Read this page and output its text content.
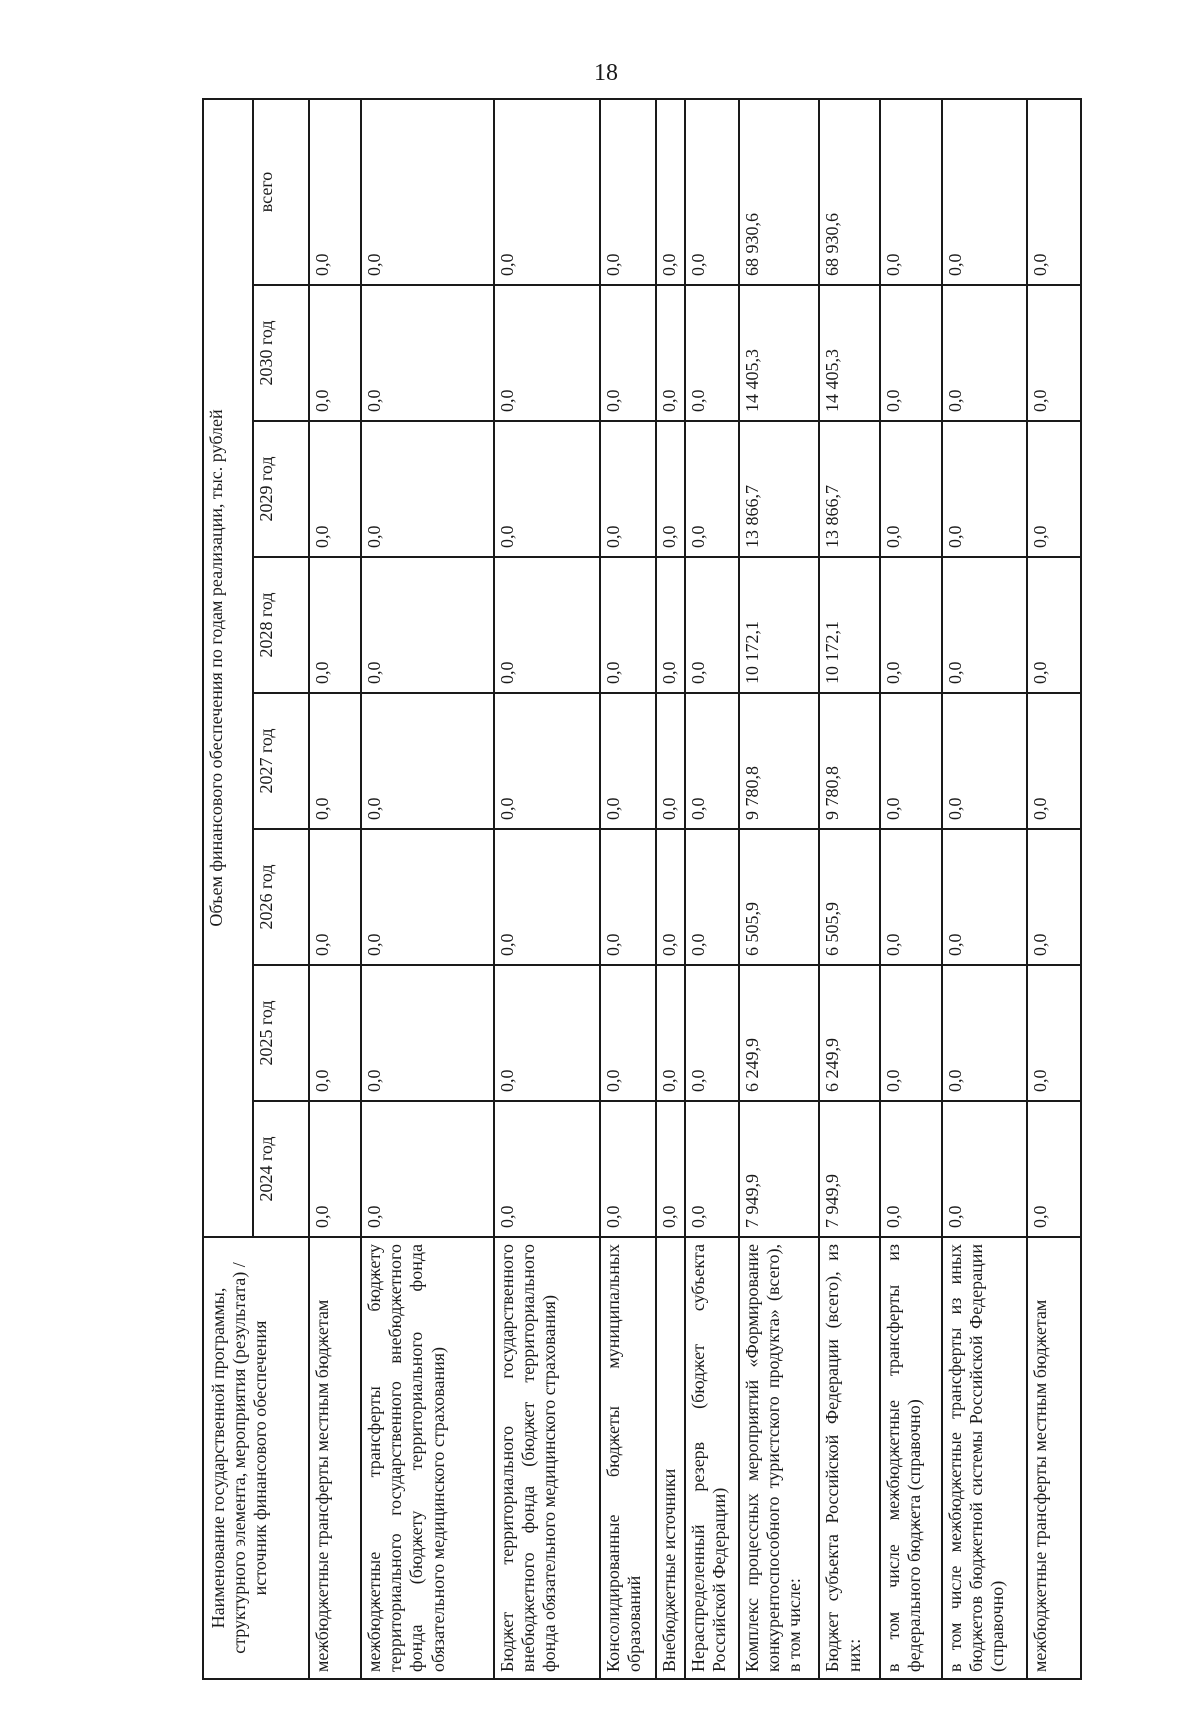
18
Наименование государственной программы, структурного элемента, мероприятия (результата) / источник финансового обеспечения	Объем финансового обеспечения по годам реализации, тыс. рублей							
	2024 год	2025 год	2026 год	2027 год	2028 год	2029 год	2030 год	всего
межбюджетные трансферты местным бюджетам	0,0	0,0	0,0	0,0	0,0	0,0	0,0	0,0
межбюджетные трансферты бюджету территориального государственного внебюджетного фонда (бюджету территориального фонда обязательного медицинского страхования)	0,0	0,0	0,0	0,0	0,0	0,0	0,0	0,0
Бюджет территориального государственного внебюджетного фонда (бюджет территориального фонда обязательного медицинского страхования)	0,0	0,0	0,0	0,0	0,0	0,0	0,0	0,0
Консолидированные бюджеты муниципальных образований	0,0	0,0	0,0	0,0	0,0	0,0	0,0	0,0
Внебюджетные источники	0,0	0,0	0,0	0,0	0,0	0,0	0,0	0,0
Нераспределенный резерв (бюджет субъекта Российской Федерации)	0,0	0,0	0,0	0,0	0,0	0,0	0,0	0,0
Комплекс процессных мероприятий «Формирование конкурентоспособного туристского продукта» (всего), в том числе:	7 949,9	6 249,9	6 505,9	9 780,8	10 172,1	13 866,7	14 405,3	68 930,6
Бюджет субъекта Российской Федерации (всего), из них:	7 949,9	6 249,9	6 505,9	9 780,8	10 172,1	13 866,7	14 405,3	68 930,6
в том числе межбюджетные трансферты из федерального бюджета (справочно)	0,0	0,0	0,0	0,0	0,0	0,0	0,0	0,0
в том числе межбюджетные трансферты из иных бюджетов бюджетной системы Российской Федерации (справочно)	0,0	0,0	0,0	0,0	0,0	0,0	0,0	0,0
межбюджетные трансферты местным бюджетам	0,0	0,0	0,0	0,0	0,0	0,0	0,0	0,0
